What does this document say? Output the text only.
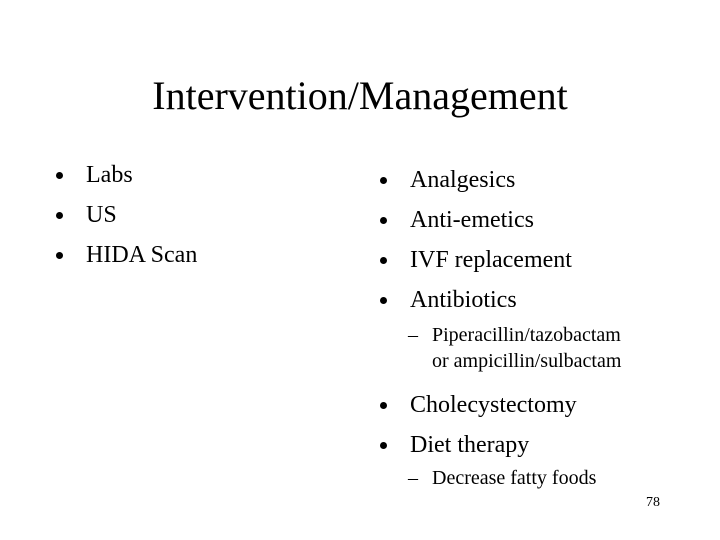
Intervention/Management
Labs
US
HIDA Scan
Analgesics
Anti-emetics
IVF replacement
Antibiotics
– Piperacillin/tazobactam
or ampicillin/sulbactam
Cholecystectomy
Diet therapy
– Decrease fatty foods
78
